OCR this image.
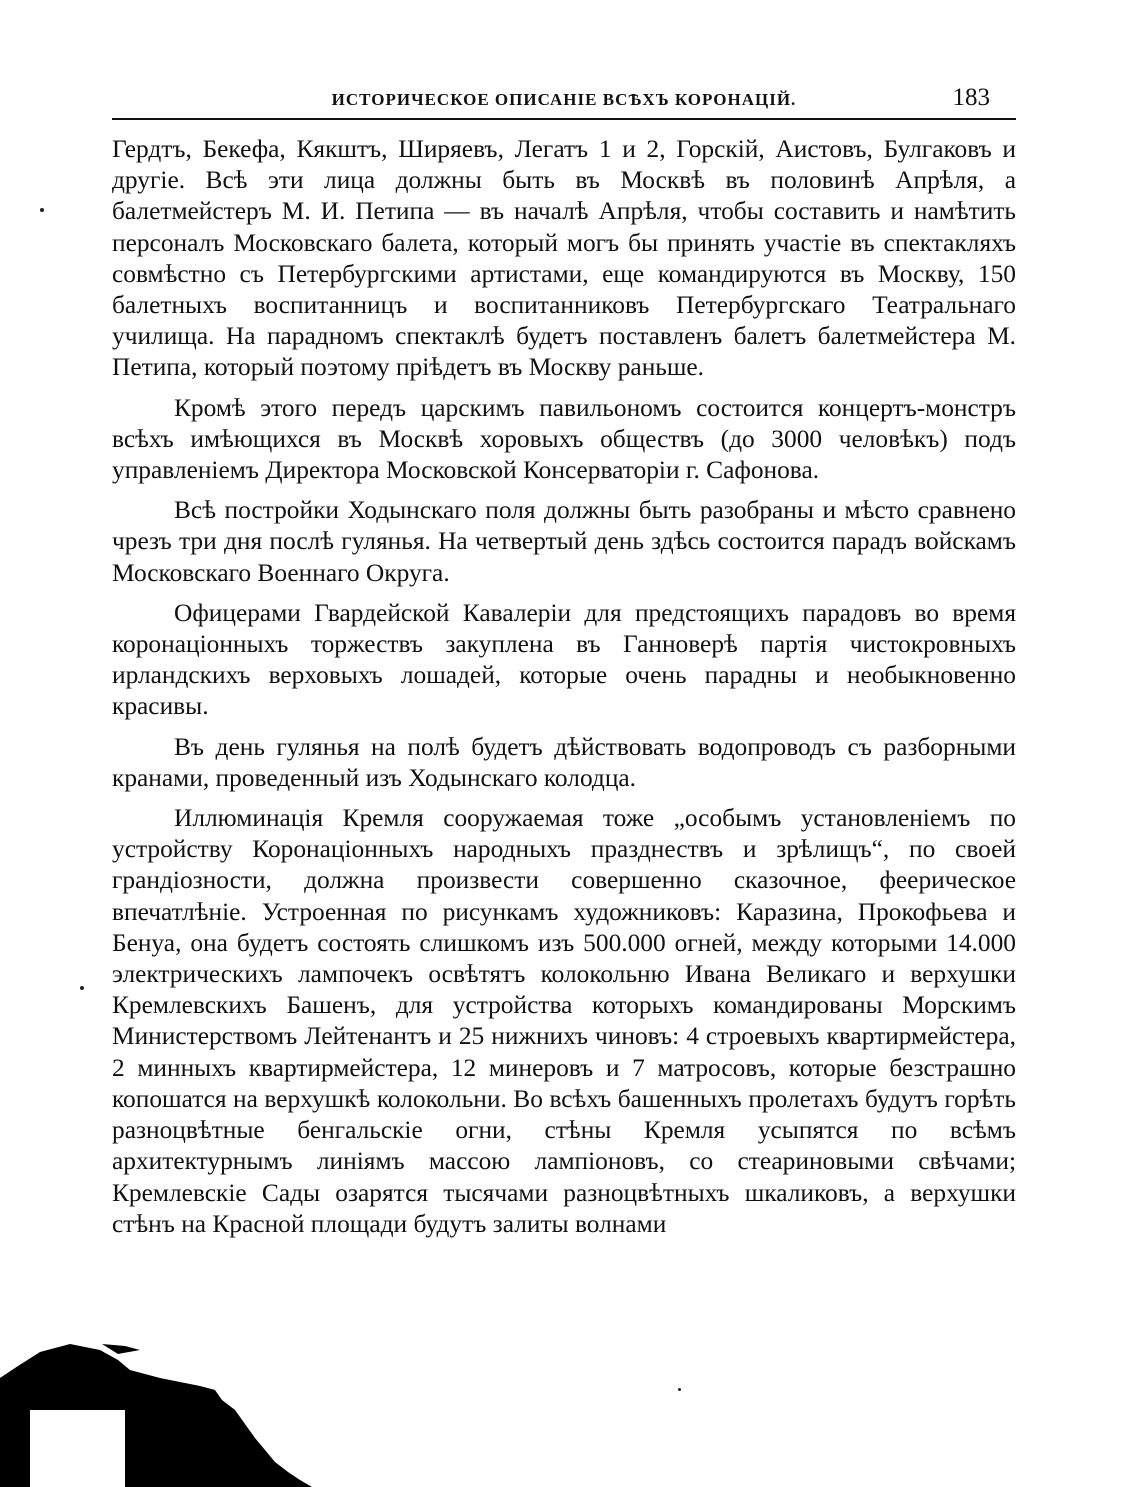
ИСТОРИЧЕСКОЕ ОПИСАНІЕ ВСѢХЪ КОРОНАЦІЙ.	183

Гердтъ, Бекефа, Кякштъ, Ширяевъ, Легатъ 1 и 2, Горскій, Аистовъ, Булгаковъ и другіе. Всѣ эти лица должны быть въ Москвѣ въ половинѣ Апрѣля, а балетмейстеръ М. И. Петипа — въ началѣ Апрѣля, чтобы составить и намѣтить персоналъ Московскаго балета, который могъ бы принять участіе въ спектакляхъ совмѣстно съ Петербургскими артистами, еще командируются въ Москву, 150 балетныхъ воспитанницъ и воспитанниковъ Петербургскаго Театральнаго училища. На парадномъ спектаклѣ будетъ поставленъ балетъ балетмейстера М. Петипа, который поэтому пріѣдетъ въ Москву раньше.

Кромѣ этого передъ царскимъ павильономъ состоится концертъ-монстръ всѣхъ имѣющихся въ Москвѣ хоровыхъ обществъ (до 3000 человѣкъ) подъ управленіемъ Директора Московской Консерваторіи г. Сафонова.

Всѣ постройки Ходынскаго поля должны быть разобраны и мѣсто сравнено чрезъ три дня послѣ гулянья. На четвертый день здѣсь состоится парадъ войскамъ Московскаго Военнаго Округа.

Офицерами Гвардейской Кавалеріи для предстоящихъ парадовъ во время коронаціонныхъ торжествъ закуплена въ Ганноверѣ партія чистокровныхъ ирландскихъ верховыхъ лошадей, которые очень парадны и необыкновенно красивы.

Въ день гулянья на полѣ будетъ дѣйствовать водопроводъ съ разборными кранами, проведенный изъ Ходынскаго колодца.

Иллюминація Кремля сооружаемая тоже „особымъ установленіемъ по устройству Коронаціонныхъ народныхъ празднествъ и зрѣлищъ“, по своей грандіозности, должна произвести совершенно сказочное, феерическое впечатлѣніе. Устроенная по рисункамъ художниковъ: Каразина, Прокофьева и Бенуа, она будетъ состоять слишкомъ изъ 500.000 огней, между которыми 14.000 электрическихъ лампочекъ освѣтятъ колокольню Ивана Великаго и верхушки Кремлевскихъ Башенъ, для устройства которыхъ командированы Морскимъ Министерствомъ Лейтенантъ и 25 нижнихъ чиновъ: 4 строевыхъ квартирмейстера, 2 минныхъ квартирмейстера, 12 минеровъ и 7 матросовъ, которые безстрашно копошатся на верхушкѣ колокольни. Во всѣхъ башенныхъ пролетахъ будутъ горѣть разноцвѣтные бенгальскіе огни, стѣны Кремля усыпятся по всѣмъ архитектурнымъ линіямъ массою лампіоновъ, со стеариновыми свѣчами; Кремлевскіе Сады озарятся тысячами разноцвѣтныхъ шкаликовъ, а верхушки стѣнъ на Красной площади будутъ залиты волнами
